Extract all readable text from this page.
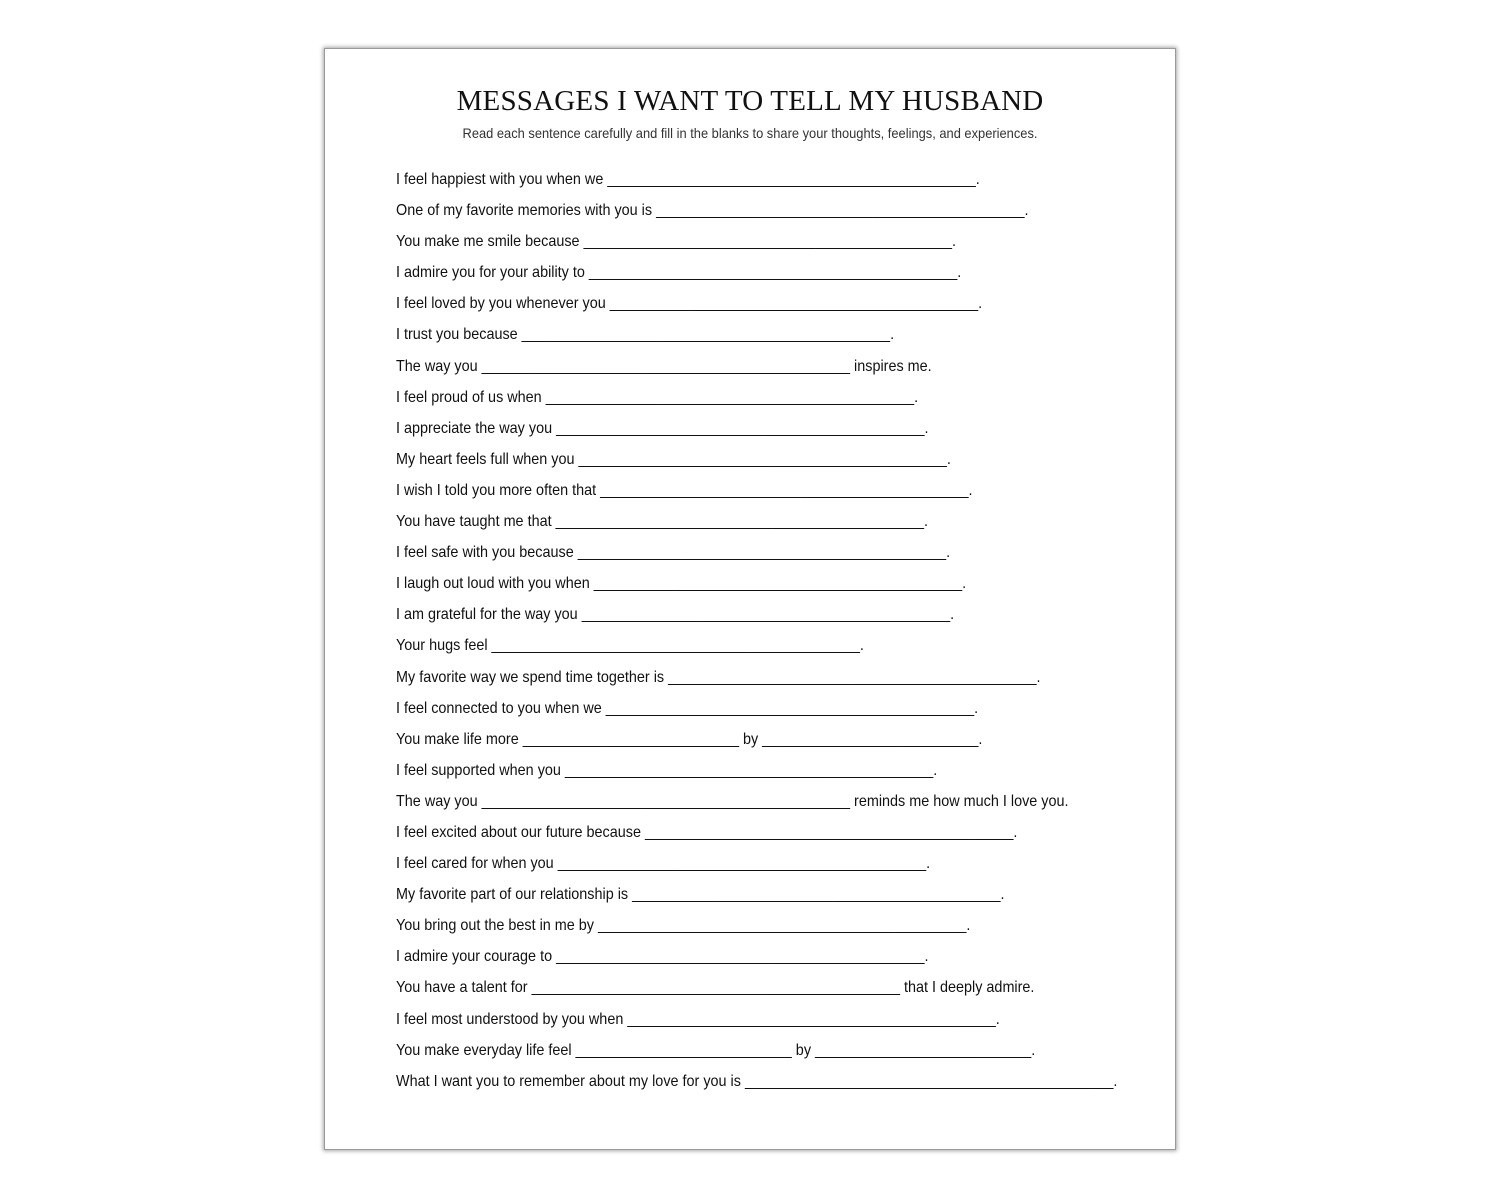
MESSAGES I WANT TO TELL MY HUSBAND

Read each sentence carefully and fill in the blanks to share your thoughts, feelings, and experiences.

I feel happiest with you when we ______________________________________________.
One of my favorite memories with you is ______________________________________________.
You make me smile because ______________________________________________.
I admire you for your ability to ______________________________________________.
I feel loved by you whenever you ______________________________________________.
I trust you because ______________________________________________.
The way you ______________________________________________ inspires me.
I feel proud of us when ______________________________________________.
I appreciate the way you ______________________________________________.
My heart feels full when you ______________________________________________.
I wish I told you more often that ______________________________________________.
You have taught me that ______________________________________________.
I feel safe with you because ______________________________________________.
I laugh out loud with you when ______________________________________________.
I am grateful for the way you ______________________________________________.
Your hugs feel ______________________________________________.
My favorite way we spend time together is ______________________________________________.
I feel connected to you when we ______________________________________________.
You make life more ___________________________ by ___________________________.
I feel supported when you ______________________________________________.
The way you ______________________________________________ reminds me how much I love you.
I feel excited about our future because ______________________________________________.
I feel cared for when you ______________________________________________.
My favorite part of our relationship is ______________________________________________.
You bring out the best in me by ______________________________________________.
I admire your courage to ______________________________________________.
You have a talent for ______________________________________________ that I deeply admire.
I feel most understood by you when ______________________________________________.
You make everyday life feel ___________________________ by ___________________________.
What I want you to remember about my love for you is ______________________________________________.
